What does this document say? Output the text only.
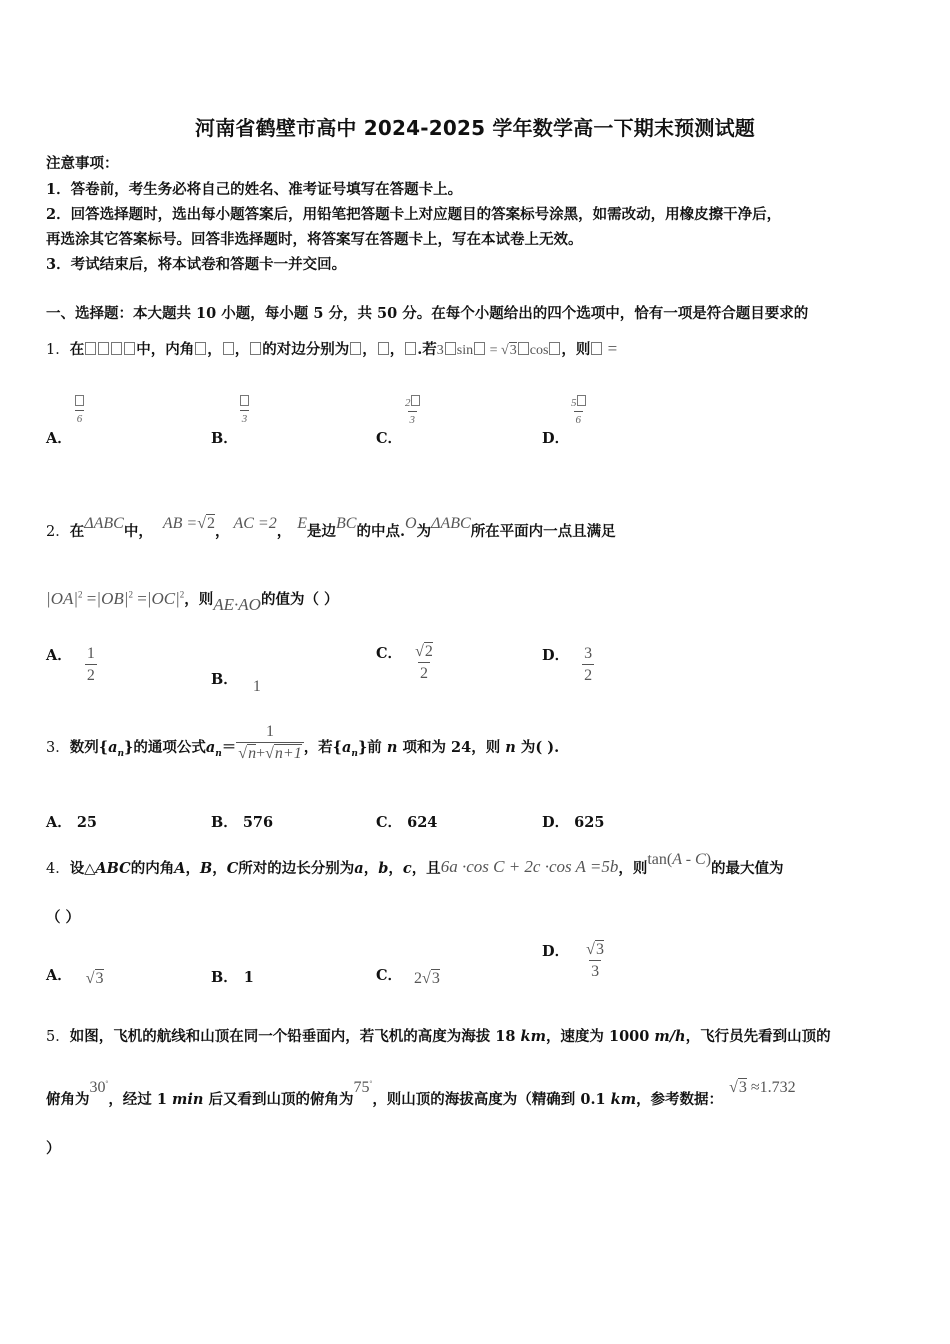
河南省鹤壁市高中 2024-2025 学年数学高一下期末预测试题
注意事项：
1．答卷前，考生务必将自己的姓名、准考证号填写在答题卡上。
2．回答选择题时，选出每小题答案后，用铅笔把答题卡上对应题目的答案标号涂黑，如需改动，用橡皮擦干净后，
再选涂其它答案标号。回答非选择题时，将答案写在答题卡上，写在本试卷上无效。
3．考试结束后，将本试卷和答题卡一并交回。
一、选择题：本大题共 10 小题，每小题 5 分，共 50 分。在每个小题给出的四个选项中，恰有一项是符合题目要求的
1．在	中，内角 ， ， 的对边分别为 ， ， .若3 sin = √3 cos ，则 =
6
A．
3
B．
$\frac{2}{3}$
C．
$\frac{5}{6}$
D．
2．在ΔABC中， AB =√2， AC =2， E是边BC的中点.O为ΔABC所在平面内一点且满足
$|OA|^2 =|OB|^2 =|OC|^2$，则AE·AO的值为（ ）
A． $\frac{1}{2}$	B． 1
C． $\frac{√2}{2}$	D． $\frac{3}{2}$
3．数列$\{a_n\}$的通项公式$a_n= \frac{1}{√n+√n+1}$ ，若$\{a_n\}$前 n 项和为 24，则 n 为( ).
A． 25	B． 576	C． 624	D． 625
4．设△ABC的内角A，B，C所对的边长分别为a，b，c，且6a ·cos C + 2c ·cos A =5b，则tan(A - C)的最大值为
（ ）
A． √3	B． 1	C． 2√3
D． $\frac{√3}{3}$
5．如图，飞机的航线和山顶在同一个铅垂面内，若飞机的高度为海拔 18 km，速度为 1000 m/h，飞行员先看到山顶的
俯角为30°，经过 1 min 后又看到山顶的俯角为75°，则山顶的海拔高度为（精确到 0.1 km，参考数据：√3 ≈1.732
）
